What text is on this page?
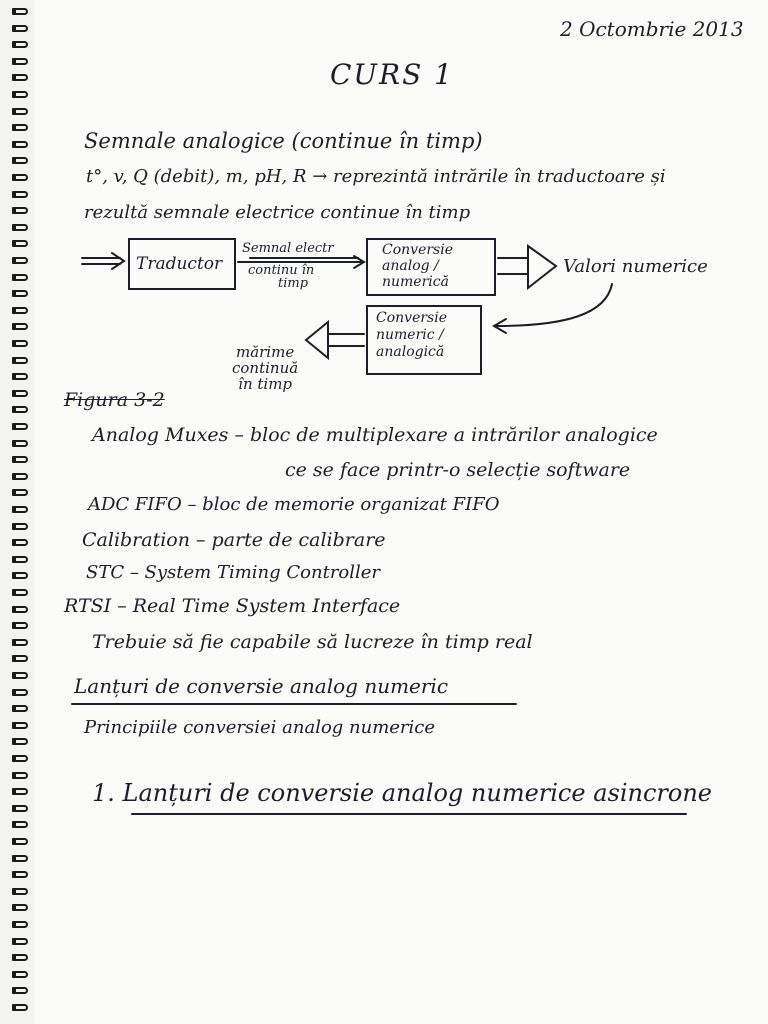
2 Octombrie 2013

CURS 1

Semnale analogice (continue în timp)

t°, v, Q (debit), m, pH, R → reprezintă intrările în traductoare și

rezultă semnale electrice continue în timp

Traductor
Semnal electr
continu în
timp
Conversie
analog /
numerică
Valori numerice
Conversie
numeric /
analogică
mărime
continuă
în timp

Figura 3-2

Analog Muxes – bloc de multiplexare a intrărilor analogice

ce se face printr-o selecție software

ADC FIFO – bloc de memorie organizat FIFO

Calibration – parte de calibrare

STC – System Timing Controller

RTSI – Real Time System Interface

Trebuie să fie capabile să lucreze în timp real

Lanțuri de conversie analog numeric

Principiile conversiei analog numerice

1. Lanțuri de conversie analog numerice asincrone
